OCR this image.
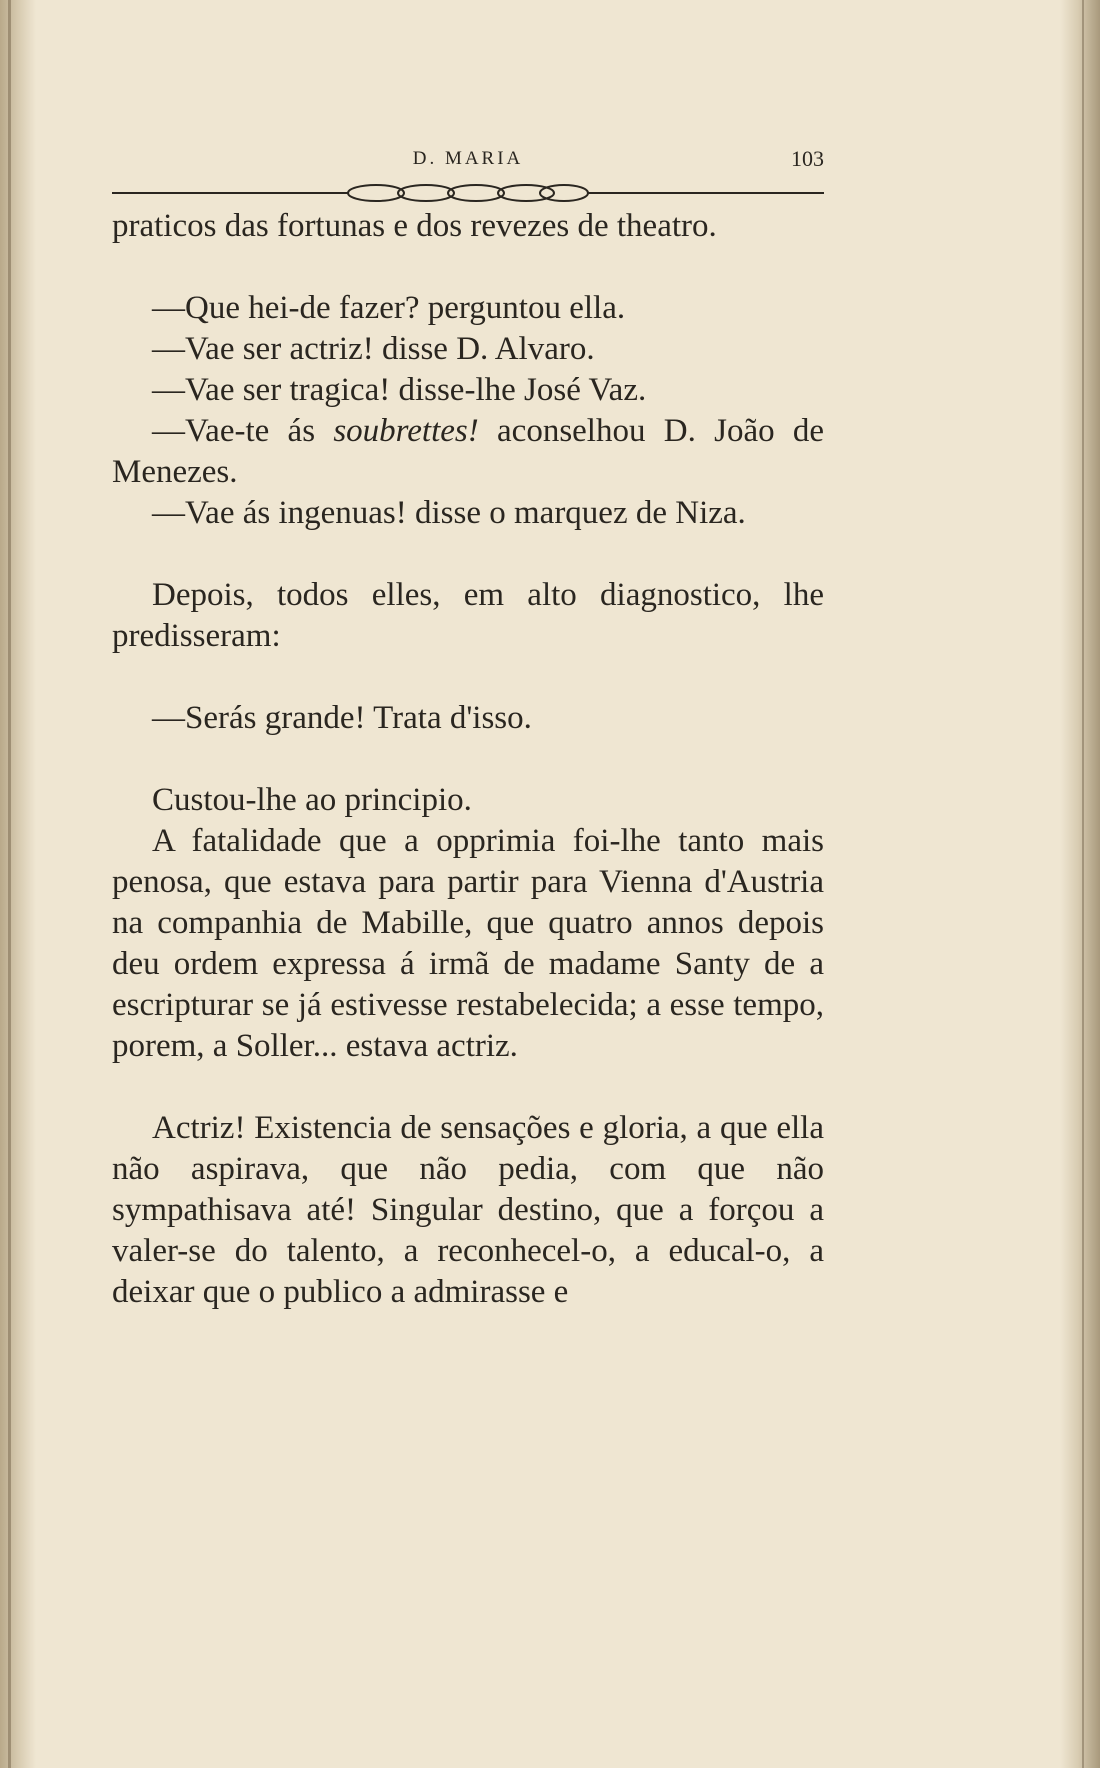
D. MARIA	103

praticos das fortunas e dos revezes de theatro.

—Que hei-de fazer? perguntou ella.

—Vae ser actriz! disse D. Alvaro.

—Vae ser tragica! disse-lhe José Vaz.

—Vae-te ás soubrettes! aconselhou D. João de Menezes.

—Vae ás ingenuas! disse o marquez de Niza.

Depois, todos elles, em alto diagnostico, lhe predisseram:

—Serás grande! Trata d'isso.

Custou-lhe ao principio.

A fatalidade que a opprimia foi-lhe tanto mais penosa, que estava para partir para Vienna d'Austria na companhia de Mabille, que quatro annos depois deu ordem expressa á irmã de madame Santy de a escripturar se já estivesse restabelecida; a esse tempo, porem, a Soller... estava actriz.

Actriz! Existencia de sensações e gloria, a que ella não aspirava, que não pedia, com que não sympathisava até! Singular destino, que a forçou a valer-se do talento, a reconhecel-o, a educal-o, a deixar que o publico a admirasse e
